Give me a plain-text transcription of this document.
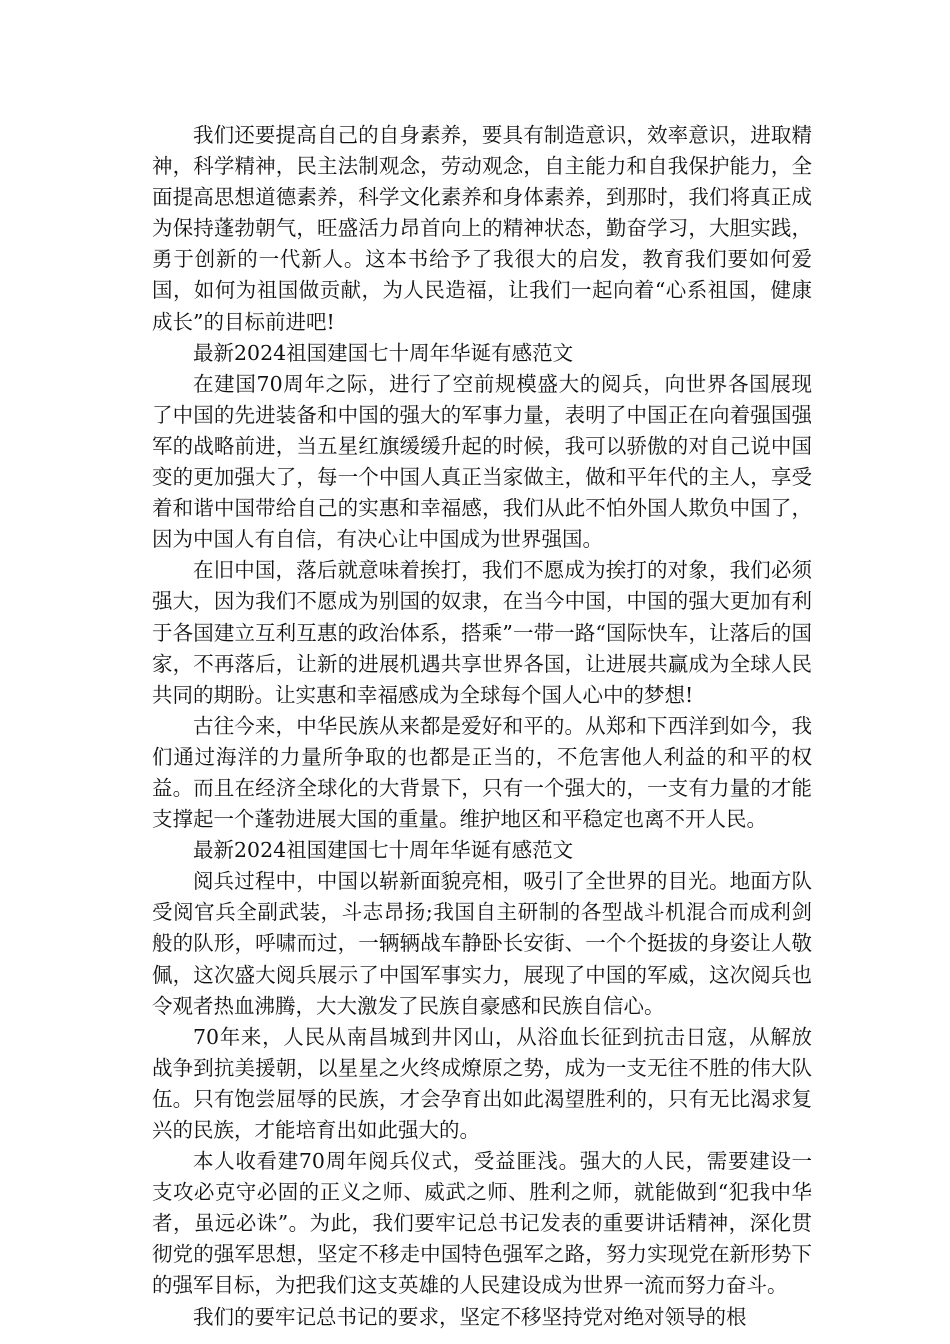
我们还要提高自己的自身素养，要具有制造意识，效率意识，进取精神，科学精神，民主法制观念，劳动观念，自主能力和自我保护能力，全面提高思想道德素养，科学文化素养和身体素养，到那时，我们将真正成为保持蓬勃朝气，旺盛活力昂首向上的精神状态，勤奋学习，大胆实践，勇于创新的一代新人。这本书给予了我很大的启发，教育我们要如何爱国，如何为祖国做贡献，为人民造福，让我们一起向着“心系祖国，健康成长”的目标前进吧!

最新2024祖国建国七十周年华诞有感范文

在建国70周年之际，进行了空前规模盛大的阅兵，向世界各国展现了中国的先进装备和中国的强大的军事力量，表明了中国正在向着强国强军的战略前进，当五星红旗缓缓升起的时候，我可以骄傲的对自己说中国变的更加强大了，每一个中国人真正当家做主，做和平年代的主人，享受着和谐中国带给自己的实惠和幸福感，我们从此不怕外国人欺负中国了，因为中国人有自信，有决心让中国成为世界强国。

在旧中国，落后就意味着挨打，我们不愿成为挨打的对象，我们必须强大，因为我们不愿成为别国的奴隶，在当今中国，中国的强大更加有利于各国建立互利互惠的政治体系，搭乘”一带一路“国际快车，让落后的国家，不再落后，让新的进展机遇共享世界各国，让进展共赢成为全球人民共同的期盼。让实惠和幸福感成为全球每个国人心中的梦想!

古往今来，中华民族从来都是爱好和平的。从郑和下西洋到如今，我们通过海洋的力量所争取的也都是正当的，不危害他人利益的和平的权益。而且在经济全球化的大背景下，只有一个强大的，一支有力量的才能支撑起一个蓬勃进展大国的重量。维护地区和平稳定也离不开人民。

最新2024祖国建国七十周年华诞有感范文

阅兵过程中，中国以崭新面貌亮相，吸引了全世界的目光。地面方队受阅官兵全副武装，斗志昂扬;我国自主研制的各型战斗机混合而成利剑般的队形，呼啸而过，一辆辆战车静卧长安街、一个个挺拔的身姿让人敬佩，这次盛大阅兵展示了中国军事实力，展现了中国的军威，这次阅兵也令观者热血沸腾，大大激发了民族自豪感和民族自信心。

70年来，人民从南昌城到井冈山，从浴血长征到抗击日寇，从解放战争到抗美援朝，以星星之火终成燎原之势，成为一支无往不胜的伟大队伍。只有饱尝屈辱的民族，才会孕育出如此渴望胜利的，只有无比渴求复兴的民族，才能培育出如此强大的。

本人收看建70周年阅兵仪式，受益匪浅。强大的人民，需要建设一支攻必克守必固的正义之师、威武之师、胜利之师，就能做到“犯我中华者，虽远必诛”。为此，我们要牢记总书记发表的重要讲话精神，深化贯彻党的强军思想，坚定不移走中国特色强军之路，努力实现党在新形势下的强军目标，为把我们这支英雄的人民建设成为世界一流而努力奋斗。

我们的要牢记总书记的要求，坚定不移坚持党对绝对领导的根
